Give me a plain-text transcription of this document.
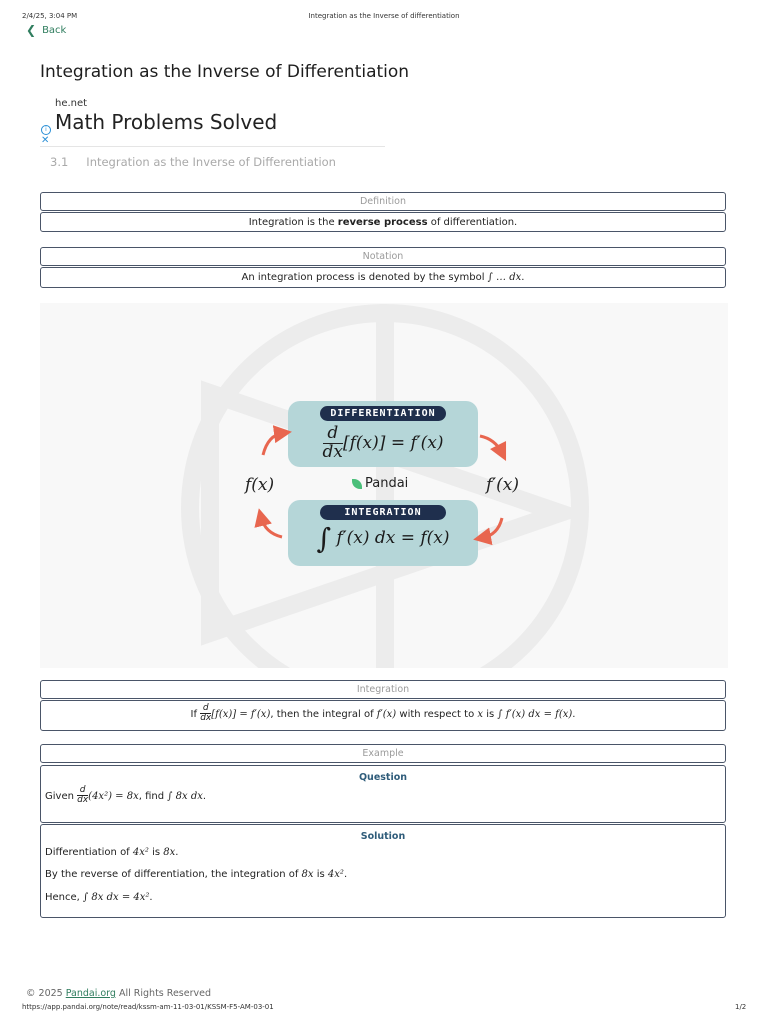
2/4/25, 3:04 PM	Integration as the Inverse of differentiation
❮ Back
Integration as the Inverse of Differentiation
he.net
Math Problems Solved
i
✕
3.1 Integration as the Inverse of Differentiation
Definition
Integration is the reverse process of differentiation.
Notation
An integration process is denoted by the symbol ∫ … dx.
DIFFERENTIATION
$\frac{d}{dx} [f(x)] = f'(x)$
INTEGRATION
∫ f′(x) dx = f(x)
f(x)	f′(x)
Pandai
Integration
If $\frac{d}{dx} [f(x)] = f'(x)$, then the integral of f′(x) with respect to x is ∫ f′(x) dx = f(x).
Example
Question
Given $\frac{d}{dx} (4x^2) = 8x$, find ∫ 8x dx.
Solution
Differentiation of 4x² is 8x.
By the reverse of differentiation, the integration of 8x is 4x².
Hence, ∫ 8x dx = 4x².
© 2025 Pandai.org All Rights Reserved
https://app.pandai.org/note/read/kssm-am-11-03-01/KSSM-F5-AM-03-01	1/2
